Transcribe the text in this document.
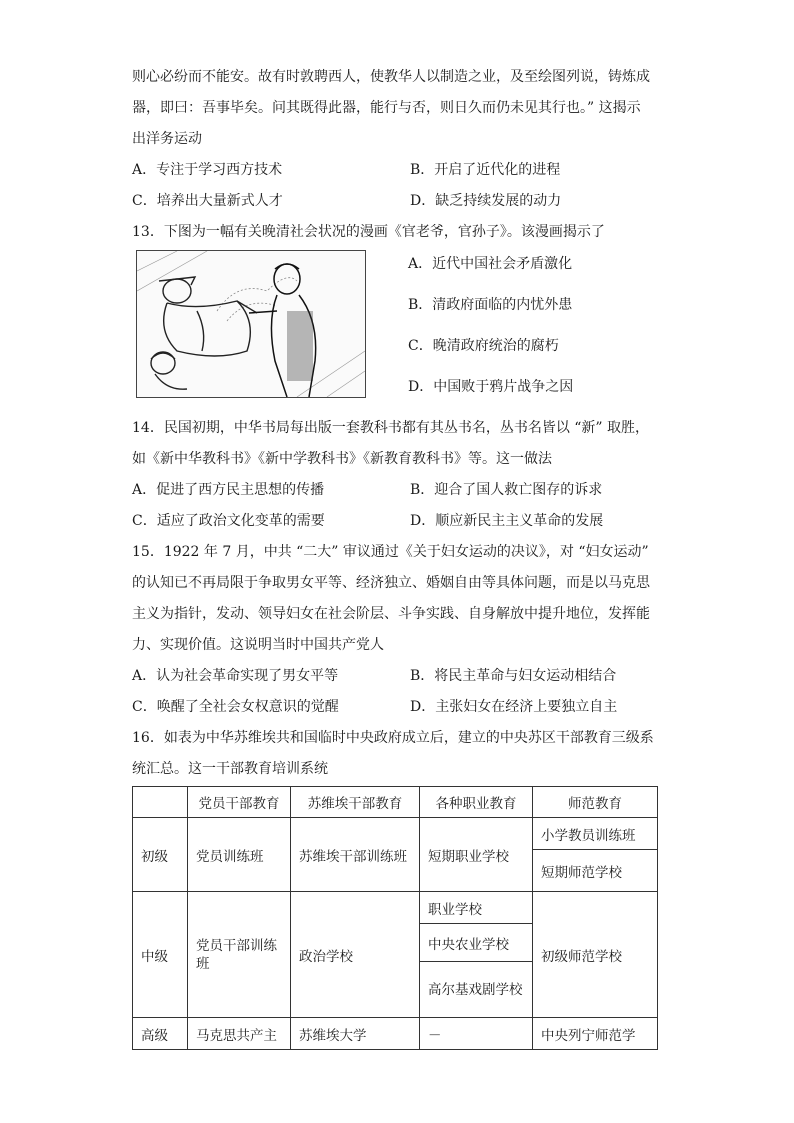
则心必纷而不能安。故有时敦聘西人，使教华人以制造之业，及至绘图列说，铸炼成
器，即曰：吾事毕矣。问其既得此器，能行与否，则日久而仍未见其行也。” 这揭示
出洋务运动
A．专注于学习西方技术	B．开启了近代化的进程
C．培养出大量新式人才	D．缺乏持续发展的动力
13．下图为一幅有关晚清社会状况的漫画《官老爷，官孙子》。该漫画揭示了
A．近代中国社会矛盾激化
B．清政府面临的内忧外患
C．晚清政府统治的腐朽
D．中国败于鸦片战争之因
14．民国初期，中华书局每出版一套教科书都有其丛书名，丛书名皆以 “新” 取胜，
如《新中华教科书》《新中学教科书》《新教育教科书》等。这一做法
A．促进了西方民主思想的传播	B．迎合了国人救亡图存的诉求
C．适应了政治文化变革的需要	D．顺应新民主主义革命的发展
15．1922 年 7 月，中共 “二大” 审议通过《关于妇女运动的决议》，对 “妇女运动”
的认知已不再局限于争取男女平等、经济独立、婚姻自由等具体问题，而是以马克思
主义为指针，发动、领导妇女在社会阶层、斗争实践、自身解放中提升地位，发挥能
力、实现价值。这说明当时中国共产党人
A．认为社会革命实现了男女平等	B．将民主革命与妇女运动相结合
C．唤醒了全社会女权意识的觉醒	D．主张妇女在经济上要独立自主
16．如表为中华苏维埃共和国临时中央政府成立后，建立的中央苏区干部教育三级系
统汇总。这一干部教育培训系统
	党员干部教育	苏维埃干部教育	各种职业教育	师范教育
初级	党员训练班	苏维埃干部训练班	短期职业学校	小学教员训练班
				短期师范学校
中级	党员干部训练班	政治学校	职业学校	初级师范学校
			中央农业学校	
			高尔基戏剧学校	
高级	马克思共产主	苏维埃大学	－	中央列宁师范学
